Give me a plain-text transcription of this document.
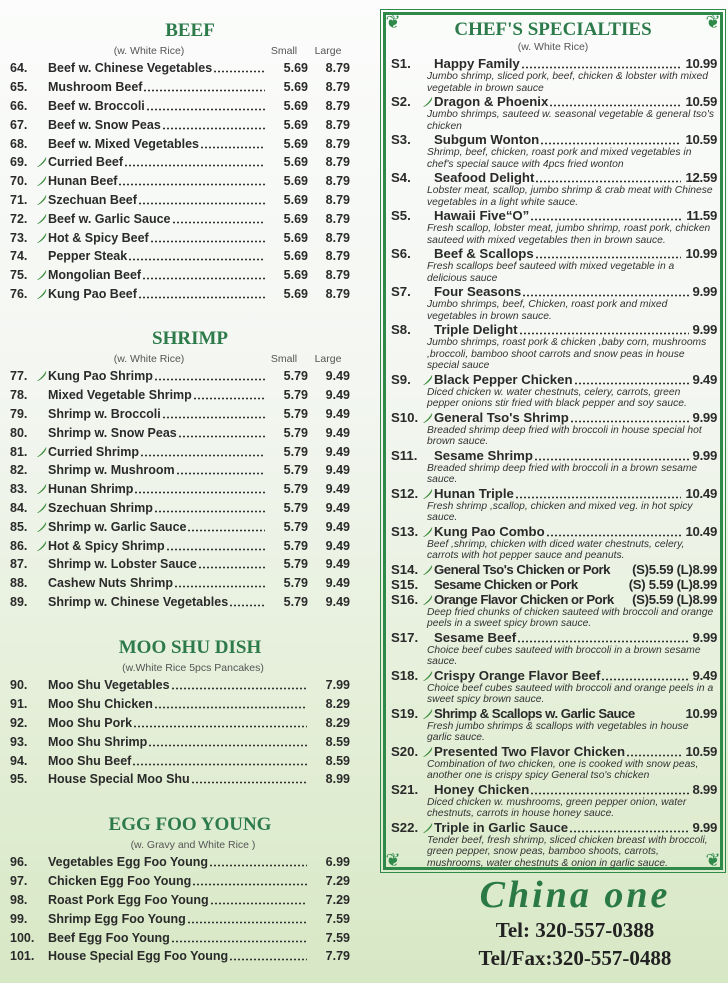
BEEF
(w. White Rice)	Small	Large
64.	Beef w. Chinese Vegetables	5.69	8.79
65.	Mushroom Beef	5.69	8.79
66.	Beef w. Broccoli	5.69	8.79
67.	Beef w. Snow Peas	5.69	8.79
68.	Beef w. Mixed Vegetables	5.69	8.79
69.	Curried Beef	5.69	8.79
70.	Hunan Beef	5.69	8.79
71.	Szechuan Beef	5.69	8.79
72.	Beef w. Garlic Sauce	5.69	8.79
73.	Hot & Spicy Beef	5.69	8.79
74.	Pepper Steak	5.69	8.79
75.	Mongolian Beef	5.69	8.79
76.	Kung Pao Beef	5.69	8.79
SHRIMP
(w. White Rice)	Small	Large
77.	Kung Pao Shrimp	5.79	9.49
78.	Mixed Vegetable Shrimp	5.79	9.49
79.	Shrimp w. Broccoli	5.79	9.49
80.	Shrimp w. Snow Peas	5.79	9.49
81.	Curried Shrimp	5.79	9.49
82.	Shrimp w. Mushroom	5.79	9.49
83.	Hunan Shrimp	5.79	9.49
84.	Szechuan Shrimp	5.79	9.49
85.	Shrimp w. Garlic Sauce	5.79	9.49
86.	Hot & Spicy Shrimp	5.79	9.49
87.	Shrimp w. Lobster Sauce	5.79	9.49
88.	Cashew Nuts Shrimp	5.79	9.49
89.	Shrimp w. Chinese Vegetables	5.79	9.49
MOO SHU DISH
(w.White Rice 5pcs Pancakes)
90.	Moo Shu Vegetables	7.99
91.	Moo Shu Chicken	8.29
92.	Moo Shu Pork	8.29
93.	Moo Shu Shrimp	8.59
94.	Moo Shu Beef	8.59
95.	House Special Moo Shu	8.99
EGG FOO YOUNG
(w. Gravy and White Rice )
96.	Vegetables Egg Foo Young	6.99
97.	Chicken Egg Foo Young	7.29
98.	Roast Pork Egg Foo Young	7.29
99.	Shrimp Egg Foo Young	7.59
100. Beef Egg Foo Young	7.59
101. House Special Egg Foo Young	7.79
❦	❦
❦	❦
CHEF'S SPECIALTIES
(w. White Rice)
S1.	Happy Family	10.99
Jumbo shrimp, sliced pork, beef, chicken & lobster with mixed vegetable in brown sauce
S2.	Dragon & Phoenix	10.59
Jumbo shrimps, sauteed w. seasonal vegetable & general tso's chicken
S3.	Subgum Wonton	10.59
Shrimp, beef, chicken, roast pork and mixed vegetables in chef's special sauce with 4pcs fried wonton
S4.	Seafood Delight	12.59
Lobster meat, scallop, jumbo shrimp & crab meat with Chinese vegetables in a light white sauce.
S5.	Hawaii Five“O”	11.59
Fresh scallop, lobster meat, jumbo shrimp, roast pork, chicken sauteed with mixed vegetables then in brown sauce.
S6.	Beef & Scallops	10.99
Fresh scallops beef sauteed with mixed vegetable in a delicious sauce
S7.	Four Seasons	9.99
Jumbo shrimps, beef, Chicken, roast pork and mixed vegetables in brown sauce.
S8.	Triple Delight	9.99
Jumbo shrimps, roast pork & chicken ,baby corn, mushrooms ,broccoli, bamboo shoot carrots and snow peas in house special sauce
S9.	Black Pepper Chicken	9.49
Diced chicken w. water chestnuts, celery, carrots, green pepper onions stir fried with black pepper and soy sauce.
S10. General Tso's Shrimp	9.99
Breaded shrimp deep fried with broccoli in house special hot brown sauce.
S11.	Sesame Shrimp	9.99
Breaded shrimp deep fried with broccoli in a brown sesame sauce.
S12. Hunan Triple	10.49
Fresh shrimp ,scallop, chicken and mixed veg. in hot spicy sauce.
S13. Kung Pao Combo	10.49
Beef ,shrimp, chicken with diced water chestnuts, celery, carrots with hot pepper sauce and peanuts.
S14. General Tso's Chicken or Pork	(S)5.59 (L)8.99
S15. Sesame Chicken or Pork	(S) 5.59 (L)8.99
S16. Orange Flavor Chicken or Pork	(S)5.59 (L)8.99
Deep fried chunks of chicken sauteed with broccoli and orange peels in a sweet spicy brown sauce.
S17. Sesame Beef	9.99
Choice beef cubes sauteed with broccoli in a brown sesame sauce.
S18. Crispy Orange Flavor Beef	9.49
Choice beef cubes sauteed with broccoli and orange peels in a sweet spicy brown sauce.
S19. Shrimp & Scallops w. Garlic Sauce	10.99
Fresh jumbo shrimps & scallops with vegetables in house garlic sauce.
S20. Presented Two Flavor Chicken	10.59
Combination of two chicken, one is cooked with snow peas, another one is crispy spicy General tso's chicken
S21. Honey Chicken	8.99
Diced chicken w. mushrooms, green pepper onion, water chestnuts, carrots in house honey sauce.
S22. Triple in Garlic Sauce	9.99
Tender beef, fresh shrimp, sliced chicken breast with broccoli, green pepper, snow peas, bamboo shoots, carrots, mushrooms, water chestnuts & onion in garlic sauce.
China one
Tel: 320-557-0388
Tel/Fax:320-557-0488
